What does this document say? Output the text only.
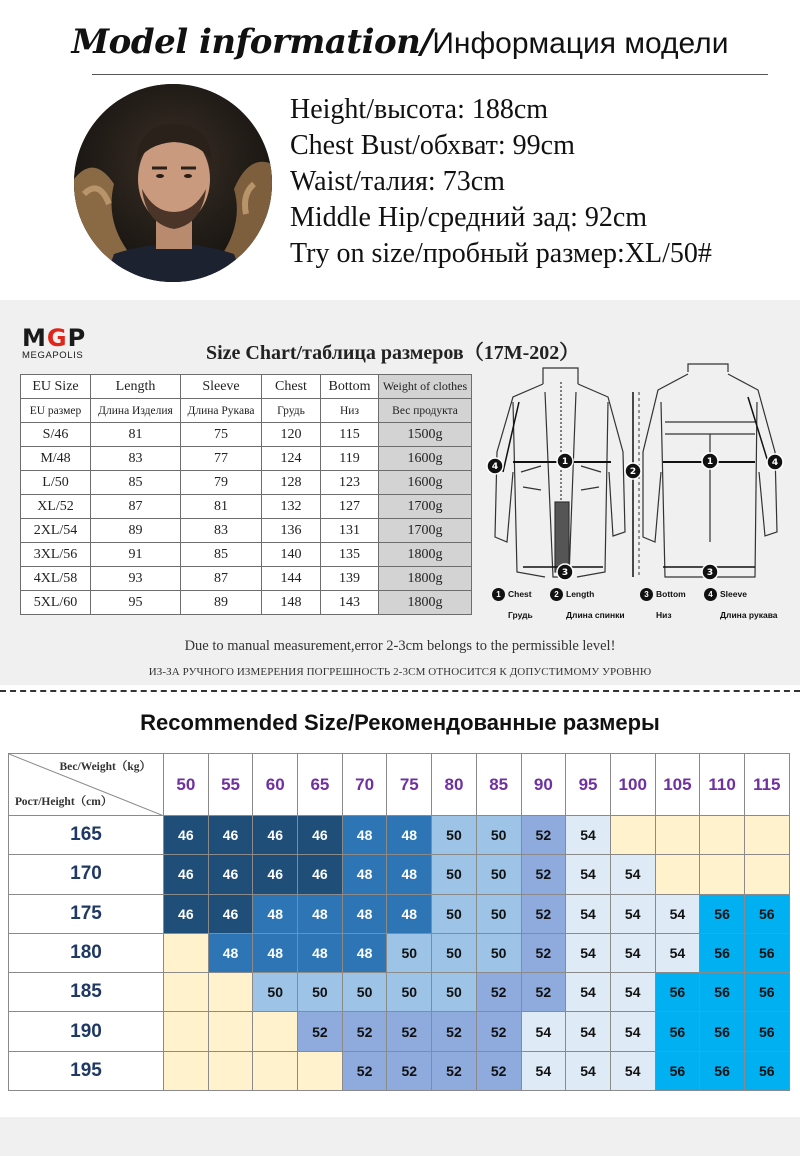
Model information/Информация модели
Height/высота: 188cm
Chest Bust/обхват: 99cm
Waist/талия: 73cm
Middle Hip/средний зад: 92cm
Try on size/пробный размер:XL/50#
MGP
MEGAPOLIS	Size Chart/таблица размеров（17M-202）
EU Size	Length	Sleeve	Chest	Bottom	Weight of clothes
EU размер	Длина Изделия	Длина Рукава	Грудь	Низ	Вес продукта
S/46	81	75	120	115	1500g
M/48	83	77	124	119	1600g
L/50	85	79	128	123	1600g
XL/52	87	81	132	127	1700g
2XL/54	89	83	136	131	1700g
3XL/56	91	85	140	135	1800g
4XL/58	93	87	144	139	1800g
5XL/60	95	89	148	143	1800g
1	1
2
3	3
4	4
1 Chest
Грудь
2 Length
Длина спинки
3 Bottom
Низ
4 Sleeve
Длина рукава
Due to manual measurement,error 2-3cm belongs to the permissible level!
ИЗ-ЗА РУЧНОГО ИЗМЕРЕНИЯ ПОГРЕШНОСТЬ 2-3СМ ОТНОСИТСЯ К ДОПУСТИМОМУ УРОВНЮ
Recommended Size/Рекомендованные размеры
Вес/Weight（kg）
Рост/Height（cm）	50	55	60	65	70	75	80	85	90	95	100	105	110	115
165	46	46	46	46	48	48	50	50	52	54				
170	46	46	46	46	48	48	50	50	52	54	54			
175	46	46	48	48	48	48	50	50	52	54	54	54	56	56
180		48	48	48	48	50	50	50	52	54	54	54	56	56
185			50	50	50	50	50	52	52	54	54	56	56	56
190				52	52	52	52	52	54	54	54	56	56	56
195					52	52	52	52	54	54	54	56	56	56
